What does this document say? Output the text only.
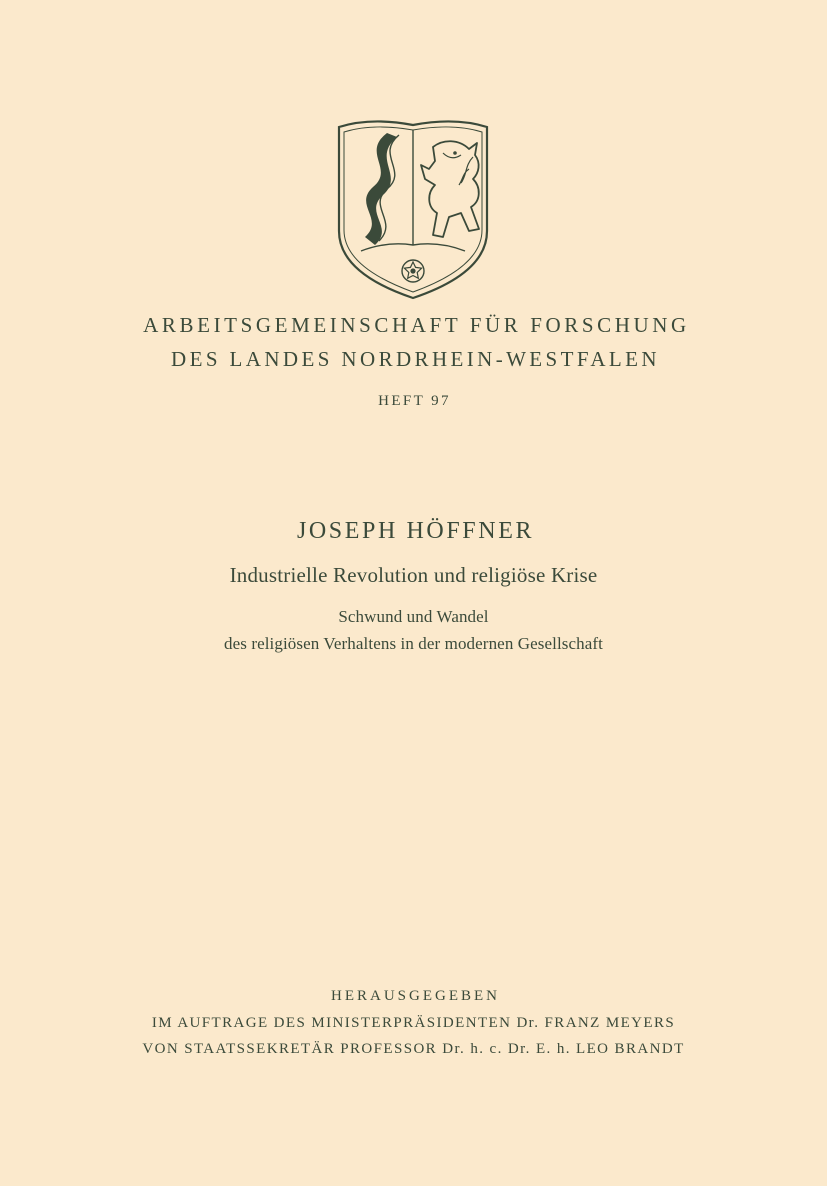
ARBEITSGEMEINSCHAFT FÜR FORSCHUNG
DES LANDES NORDRHEIN-WESTFALEN
HEFT 97
JOSEPH HÖFFNER
Industrielle Revolution und religiöse Krise
Schwund und Wandel
des religiösen Verhaltens in der modernen Gesellschaft
HERAUSGEGEBEN
IM AUFTRAGE DES MINISTERPRÄSIDENTEN Dr. FRANZ MEYERS
VON STAATSSEKRETÄR PROFESSOR Dr. h. c. Dr. E. h. LEO BRANDT
